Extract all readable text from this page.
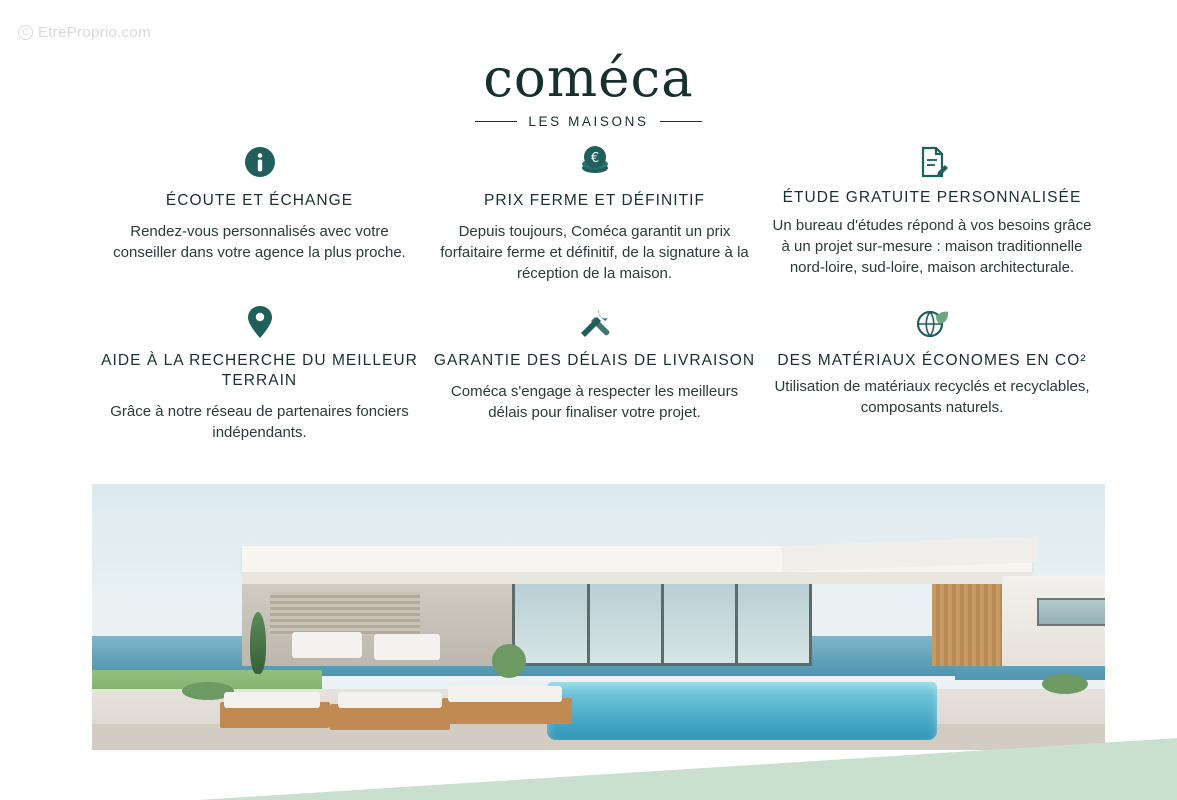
C EtreProprio.com
coméca
LES MAISONS
ÉCOUTE ET ÉCHANGE
Rendez-vous personnalisés avec votre conseiller dans votre agence la plus proche.
€
PRIX FERME ET DÉFINITIF
Depuis toujours, Coméca garantit un prix forfaitaire ferme et définitif, de la signature à la réception de la maison.
ÉTUDE GRATUITE PERSONNALISÉE
Un bureau d'études répond à vos besoins grâce à un projet sur-mesure : maison traditionnelle nord-loire, sud-loire, maison architecturale.
AIDE À LA RECHERCHE DU MEILLEUR TERRAIN
Grâce à notre réseau de partenaires fonciers indépendants.
GARANTIE DES DÉLAIS DE LIVRAISON
Coméca s'engage à respecter les meilleurs délais pour finaliser votre projet.
DES MATÉRIAUX ÉCONOMES EN CO²
Utilisation de matériaux recyclés et recyclables, composants naturels.
